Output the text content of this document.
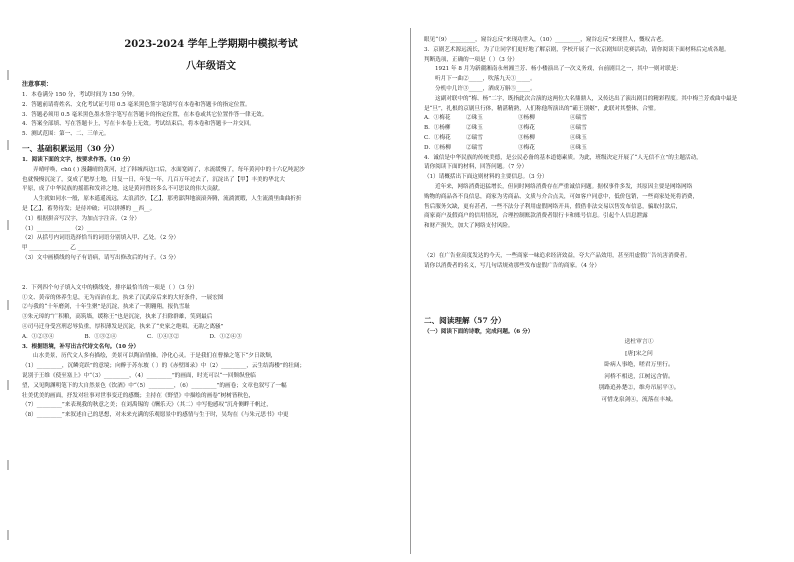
2023-2024 学年上学期期中模拟考试
八年级语文
注意事项：
1．本卷满分 150 分，考试时间为 150 分钟。
2．答题前请将姓名、文化考试证号用 0.5 毫米黑色签字笔填写在本卷和答题卡的指定位置。
3．答题必须用 0.5 毫米黑色墨水签字笔写在答题卡的指定位置，在本卷或其它位置作答一律无效。
4．答案全部填、写在答题卡上，写在卡本卷上无效。考试结束后，将本卷和答题卡一并交回。
5．测试范围：第一、二、三单元。
一、基础积累运用（30 分）
1．阅读下面的文字，按要求作答。（10 分）
弄晴呼唤，chū ( ) 漫翻晴的黄河，过了韩城西边口后，水面宽阔了，水流缓慢了，每年黄河中的十六亿吨泥沙
也就慢慢沉淀了，变成了肥厚土地，日复一日，年复一年，几百万年过去了，沉淀出了【甲】丰美的华北大
平原，成了中华民族的摇篮和发祥之地，这是黄河曾经多么不可思议的伟大贡献。
人生就如同水一般，原本遥遥流远，太浪滔沙，【乙】，那勇澎湃地滚滚奔腾，流淌渡暇，人生流淌里曲曲折折
是【乙】，蓄势待发；是待冲破；可以拼搏的 __西__。
（1）根据拼音写汉字，为加点字注音。（2 分）
（1）____________ （2）____________
（2）从括号内词语选择恰当的词语分别填入甲、乙处。（2 分）
甲 ______________ 乙 ______________
（3）文中画横线的句子有语病，请写出修改后的句子。（3 分）
2．下列四个句子填入文中的横线处，排序最恰当的一项是（ ）（3 分）
①文、黄帝的体养生息，无为而治在北，执来了汉武帝后来的大好条件，一展宏图
②与我的“十年磨剑，十年生聚”是沉淀，执来了一朝翱翔，报仇雪耻
③朱元璋的“广积粮，高筑墙，缓称王”也是沉淀，执来了扫除群雄，笑到最后
④司马迁身受宫刑忍辱负重，厚积薄发是沉淀，执来了“史家之绝唱，无韵之离骚”
A．①②③④	B．①③②④	C．①④③②	D．①②④③
3．根据语境，补写出古代诗文名句。（10 分）
山水美景，历代文人多有描绘，美景可以陶冶情操，净化心灵。于是我们在曹操之笔下“夕日欲颓，
（1）_________，沉鳞竞跃”的意境；向醉于苏东坡（ ）的《赤壁图录》中（2）_________，云生结海楼”的壮阔；
说别于王维《使至塞上》中“（3）_________，（4）_________”的画面，时光可以“一回颓纵登临
望，又见陶渊明笔下的大自然景色《饮酒》中“（5）_________，（6）_________”的画卷；文章也叙写了一幅
壮美优美的画面，抒发对壮事对世事变迁的感慨；主持在《野望》中描绘的画卷“树树皆秋色，
（7）_________”来表现我的秋意之美；在刘禹锡的《酬乐天》（其二）中写他感叹“沉舟侧畔千帆过，
（8）_________”来叙述自己的思想，对未来充满的乐观愿景中的感情与生于时，吴均在《与朱元思书》中更
眼见“（9）_________，窥谷忘反”来现功世入，（10）_________，窥谷忘反”来现世人，慨叹古老。
3．京剧艺术源远流长，为了让同学们更好地了解京剧，学校开展了一次京剧知识竞赛活动，请你阅读下面材料后完成各题。
判断选项，正确的一项是（ ）（3 分）
1921 年 8 月为新疆湘南永州湘兰芳、杨小楼演出了一次义务戏，台前剧目之一，其中一则对联是：
听月下一曲②_____，吹落九天①_____。
分机中几许③_____，洒成万斛⑤_____。
这副对联中的“梅、杨”二字，既指此次合演的这两位大名鼎鼎人，又传达出了演出剧目的精彩程度。其中梅兰芳戏曲中最是
是“旦”，扎根的京剧旦行体，精湛精熟，人们称他所演出的“霸王别姬”，此联对其整体，合璧。
A．①梅花	②珠玉	③杨柳	④瑞雪
B．①杨柳	②珠玉	③梅花	④瑞雪
C．①梅花	②瑞雪	③杨柳	④珠玉
D．①杨柳	②瑞雪	③梅花	④珠玉
4．诚信是中华民族的传统美德，是公民必备的基本道德素质。为此，班级决定开展了“人无信不立”的主题活动，
请你阅读下面的材料，回答问题。（7 分）
（1）请概括出下面这则材料的主要信息。（3 分）
近年来，网络消费迅猛增长，但同时网络消费存在严重诚信问题。据权事件多发，其原因主要是网络网络
购物的商品各不良信息，商家为劣商品、文质与介合点关，可如客户同意中，低价包销，一些商家处死将消费，
售后服务欠缺，更有甚者，一些不法分子利用虚假网络开具，假借非法交易以售发布信息，骗取付款后，
商家商户及假商户的信用情况，合理控制账款消费者银行卡和账号信息。引起个人信息泄露
和财产损失，加大了网络支付风险。
（2）在广告业高度发达的今天，一些商家一味追求经济效益，夸大产品效用，甚至用虚假广告坑害消费者。
请你以消费者的名义，写几句话规劝那些发布虚假广告的商家。（4 分）
二、阅读理解（57 分）
（一）阅读下面的诗歌，完成问题。（6 分）
送杜审言①
[唐]宋之问
卧病人事绝，嗟君万里行。
河桥不相送，江树远含情。
别路追孙楚②，维舟吊屈平③。
可惜龙泉剑④，流落在丰城。
